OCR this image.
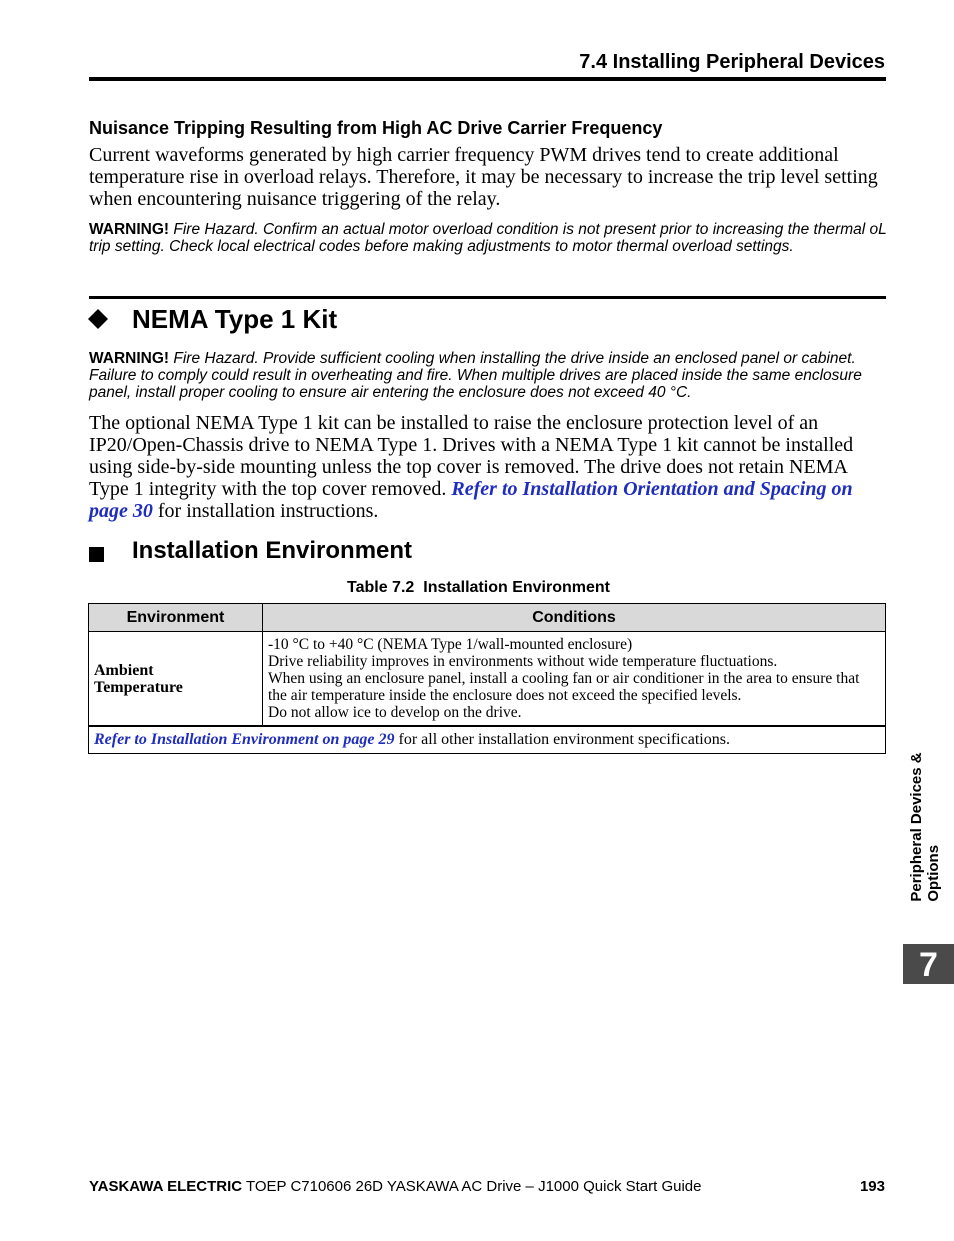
7.4 Installing Peripheral Devices
Nuisance Tripping Resulting from High AC Drive Carrier Frequency
Current waveforms generated by high carrier frequency PWM drives tend to create additional temperature rise in overload relays. Therefore, it may be necessary to increase the trip level setting when encountering nuisance triggering of the relay.
WARNING! Fire Hazard. Confirm an actual motor overload condition is not present prior to increasing the thermal oL trip setting. Check local electrical codes before making adjustments to motor thermal overload settings.
NEMA Type 1 Kit
WARNING! Fire Hazard. Provide sufficient cooling when installing the drive inside an enclosed panel or cabinet. Failure to comply could result in overheating and fire. When multiple drives are placed inside the same enclosure panel, install proper cooling to ensure air entering the enclosure does not exceed 40 °C.
The optional NEMA Type 1 kit can be installed to raise the enclosure protection level of an IP20/Open-Chassis drive to NEMA Type 1. Drives with a NEMA Type 1 kit cannot be installed using side-by-side mounting unless the top cover is removed. The drive does not retain NEMA Type 1 integrity with the top cover removed. Refer to Installation Orientation and Spacing on page 30 for installation instructions.
Installation Environment
Table 7.2 Installation Environment
Environment	Conditions

Ambient
Temperature	-10 °C to +40 °C (NEMA Type 1/wall-mounted enclosure)
Drive reliability improves in environments without wide temperature fluctuations.
When using an enclosure panel, install a cooling fan or air conditioner in the area to ensure that the air temperature inside the enclosure does not exceed the specified levels.
Do not allow ice to develop on the drive.

Refer to Installation Environment on page 29 for all other installation environment specifications.	
Peripheral Devices & Options
7
YASKAWA ELECTRIC TOEP C710606 26D YASKAWA AC Drive – J1000 Quick Start Guide	193
